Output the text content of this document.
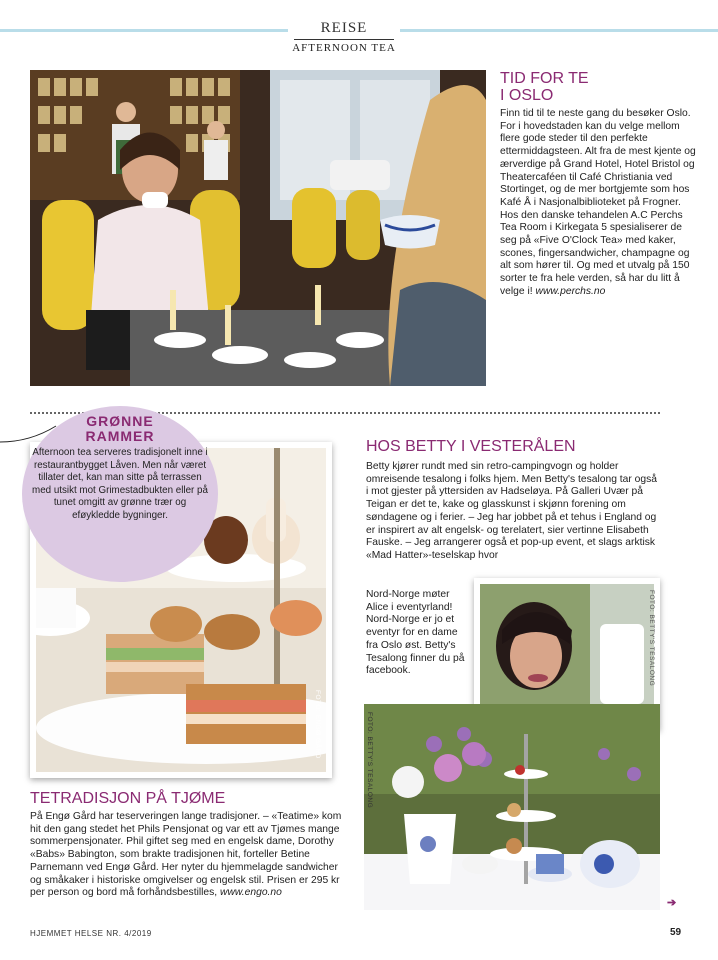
REISE
AFTERNOON TEA
TID FOR TE
I OSLO
Finn tid til te neste gang du besøker Oslo. For i hovedstaden kan du velge mellom flere gode steder til den perfekte ettermiddagsteen. Alt fra de mest kjente og ærverdige på Grand Hotel, Hotel Bristol og Theatercaféen til Café Christiania ved Stortinget, og de mer bortgjemte som hos Kafé Å i Nasjonalbiblioteket på Frogner. Hos den danske tehandelen A.C Perchs Tea Room i Kirkegata 5 spesialiserer de seg på «Five O'Clock Tea» med kaker, scones, fingersandwicher, champagne og alt som hører til. Og med et utvalg på 150 sorter te fra hele verden, så har du litt å velge i! www.perchs.no
FOTO: ENGØ GÅRD
GRØNNE
RAMMER
Afternoon tea serveres tradisjonelt inne i restaurantbygget Låven. Men når været tillater det, kan man sitte på terrassen med utsikt mot Grimestadbukten eller på tunet omgitt av grønne trær og eføykledde bygninger.
HOS BETTY I VESTERÅLEN
Betty kjører rundt med sin retro-campingvogn og holder omreisende tesalong i folks hjem. Men Betty's tesalong tar også i mot gjester på yttersiden av Hadseløya. På Galleri Uvær på Teigan er det te, kake og glasskunst i skjønn forening om søndagene og i ferier. – Jeg har jobbet på et tehus i England og er inspirert av alt engelsk- og terelatert, sier vertinne Elisabeth Fauske. – Jeg arrangerer også et pop-up event, et slags arktisk «Mad Hatter»-teselskap hvor
Nord-Norge møter Alice i eventyrland! Nord-Norge er jo et eventyr for en dame fra Oslo øst. Betty's Tesalong finner du på facebook.	FOTO: BETTY'S TESALONG
FOTO: BETTY'S TESALONG
TETRADISJON PÅ TJØME
På Engø Gård har teserveringen lange tradisjoner. – «Teatime» kom hit den gang stedet het Phils Pensjonat og var ett av Tjømes mange sommerpensjonater. Phil giftet seg med en engelsk dame, Dorothy «Babs» Babington, som brakte tradisjonen hit, forteller Betine Parnemann ved Engø Gård. Her nyter du hjemmelagde sandwicher og småkaker i historiske omgivelser og engelsk stil. Prisen er 295 kr per person og bord må forhåndsbestilles, www.engo.no
➔
HJEMMET HELSE NR. 4/2019	59
